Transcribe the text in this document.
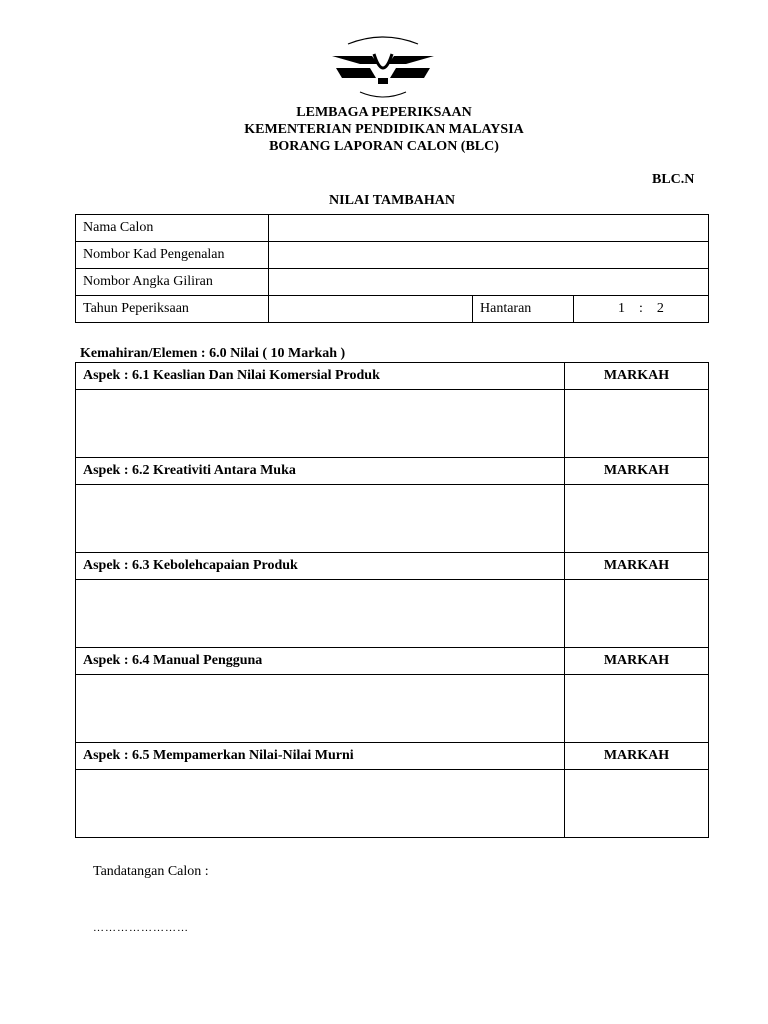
LEMBAGA PEPERIKSAAN
KEMENTERIAN PENDIDIKAN MALAYSIA
BORANG LAPORAN CALON (BLC)
BLC.N
NILAI TAMBAHAN
Nama Calon			
Nombor Kad Pengenalan			
Nombor Angka Giliran			
Tahun Peperiksaan		Hantaran	1    :    2
Kemahiran/Elemen : 6.0 Nilai ( 10 Markah )
Aspek : 6.1 Keaslian Dan Nilai Komersial Produk	MARKAH

Aspek : 6.2 Kreativiti Antara Muka	MARKAH

Aspek : 6.3 Kebolehcapaian Produk	MARKAH

Aspek : 6.4 Manual Pengguna	MARKAH

Aspek : 6.5 Mempamerkan Nilai-Nilai Murni	MARKAH

Tandatangan Calon :
……………………
